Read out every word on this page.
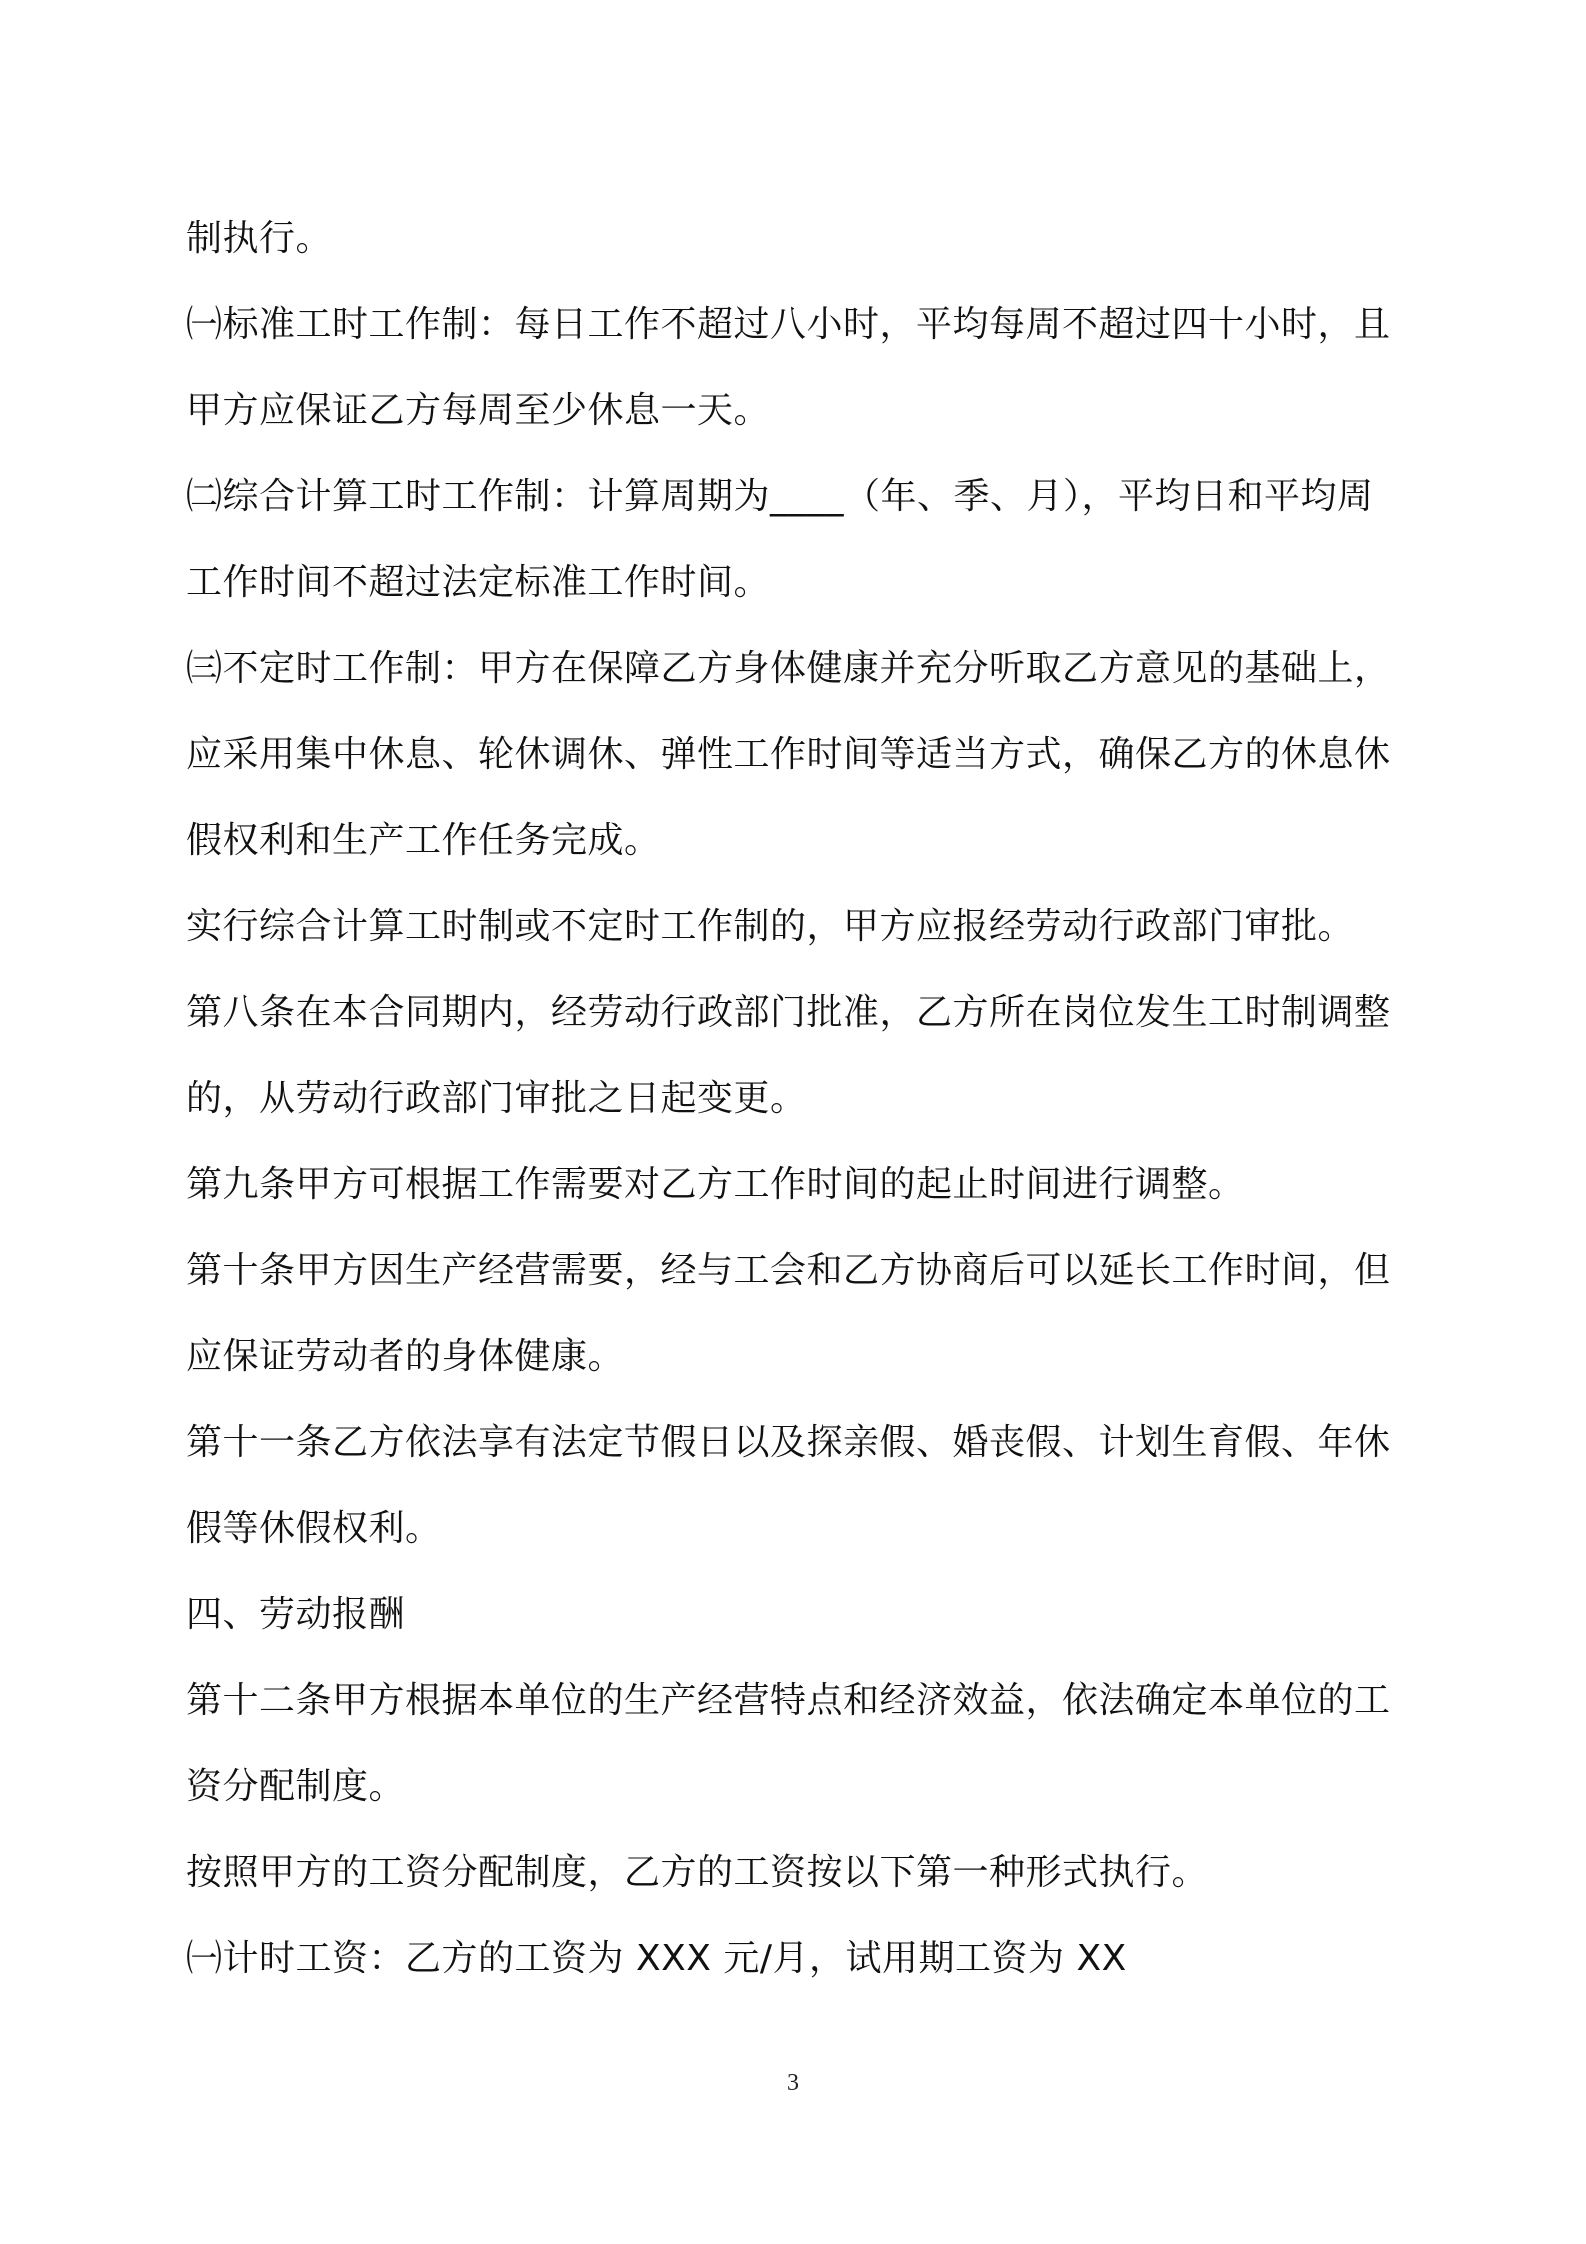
制执行。
㈠标准工时工作制：每日工作不超过八小时，平均每周不超过四十小时，且
甲方应保证乙方每周至少休息一天。
㈡综合计算工时工作制：计算周期为____（年、季、月），平均日和平均周
工作时间不超过法定标准工作时间。
㈢不定时工作制：甲方在保障乙方身体健康并充分听取乙方意见的基础上，
应采用集中休息、轮休调休、弹性工作时间等适当方式，确保乙方的休息休
假权利和生产工作任务完成。
实行综合计算工时制或不定时工作制的，甲方应报经劳动行政部门审批。
第八条在本合同期内，经劳动行政部门批准，乙方所在岗位发生工时制调整
的，从劳动行政部门审批之日起变更。
第九条甲方可根据工作需要对乙方工作时间的起止时间进行调整。
第十条甲方因生产经营需要，经与工会和乙方协商后可以延长工作时间，但
应保证劳动者的身体健康。
第十一条乙方依法享有法定节假日以及探亲假、婚丧假、计划生育假、年休
假等休假权利。
四、劳动报酬
第十二条甲方根据本单位的生产经营特点和经济效益，依法确定本单位的工
资分配制度。
按照甲方的工资分配制度，乙方的工资按以下第一种形式执行。
㈠计时工资：乙方的工资为 XXX 元/月，试用期工资为 XX
3
